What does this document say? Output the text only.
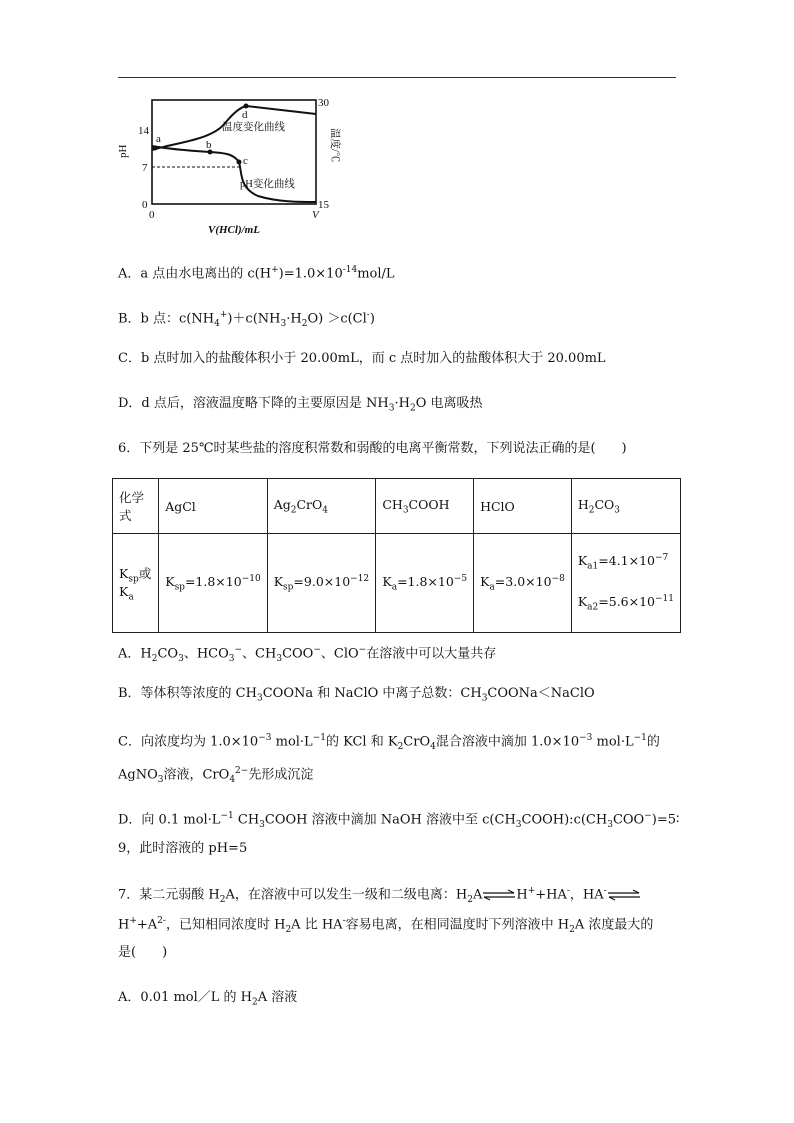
14
7
0
pH
30
15
温度/℃
0	V
V(HCl)/mL
a	b
c
d
温度变化曲线
pH变化曲线
A．a 点由水电离出的 $c(H^+)=1.0\times 10^{-14}mol/L$
B．b 点：$c(NH_4^+)+c(NH_3\cdot H_2O) >c(Cl^-)$
C．b 点时加入的盐酸体积小于 20.00mL，而 c 点时加入的盐酸体积大于 20.00mL
D．d 点后，溶液温度略下降的主要原因是 $NH_3\cdot H_2O$ 电离吸热
6．下列是 25℃时某些盐的溶度积常数和弱酸的电离平衡常数，下列说法正确的是(　　)
化学式	AgCl	$Ag_2CrO_4$	$CH_3COOH$	HClO	$H_2CO_3$
$K_{sp}$或$K_a$	$K_{sp}=1.8\times 10^{-10}$	$K_{sp}=9.0\times 10^{-12}$	$K_a=1.8\times 10^{-5}$	$K_a=3.0\times 10^{-8}$	$K_{a1}=4.1\times 10^{-7}$
$K_{a2}=5.6\times 10^{-11}$
A．$H_2CO_3$、$HCO_3^-$、$CH_3COO^-$、ClO−在溶液中可以大量共存
B．等体积等浓度的 $CH_3COONa$ 和 NaClO 中离子总数：$CH_3COONa<NaClO$
C．向浓度均为 $1.0\times 10^{-3}$ $mol\cdot L^{-1}$的 KCl 和 $K_2CrO_4$混合溶液中滴加 $1.0\times 10^{-3}$ $mol\cdot L^{-1}$的
AgNO$_3$溶液，CrO$_4^{2-}$先形成沉淀
D．向 0.1 $mol\cdot L^{-1}$ $CH_3COOH$ 溶液中滴加 NaOH 溶液中至 $c(CH_3COOH):c(CH_3COO^-)=5∶$
9，此时溶液的 pH=5
7．某二元弱酸 $H_2A$，在溶液中可以发生一级和二级电离：$H_2A\rightleftharpoons H^++HA^-$，HA-⇌
$H^++A^{2-}$，已知相同浓度时 $H_2A$ 比 HA-容易电离，在相同温度时下列溶液中 $H_2A$ 浓度最大的
是(　　)
A．0.01 mol／L 的 $H_2A$ 溶液
